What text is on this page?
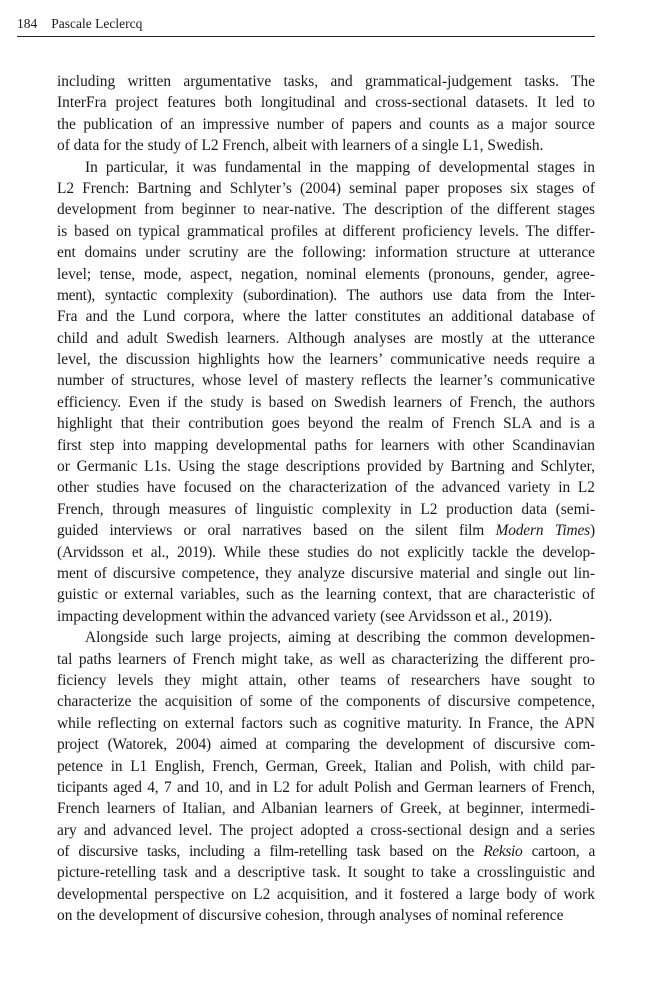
184 Pascale Leclercq
including written argumentative tasks, and grammatical-judgement tasks. The
InterFra project features both longitudinal and cross-sectional datasets. It led to
the publication of an impressive number of papers and counts as a major source
of data for the study of L2 French, albeit with learners of a single L1, Swedish.
In particular, it was fundamental in the mapping of developmental stages in
L2 French: Bartning and Schlyter’s (2004) seminal paper proposes six stages of
development from beginner to near-native. The description of the different stages
is based on typical grammatical profiles at different proficiency levels. The differ-
ent domains under scrutiny are the following: information structure at utterance
level; tense, mode, aspect, negation, nominal elements (pronouns, gender, agree-
ment), syntactic complexity (subordination). The authors use data from the Inter-
Fra and the Lund corpora, where the latter constitutes an additional database of
child and adult Swedish learners. Although analyses are mostly at the utterance
level, the discussion highlights how the learners’ communicative needs require a
number of structures, whose level of mastery reflects the learner’s communicative
efficiency. Even if the study is based on Swedish learners of French, the authors
highlight that their contribution goes beyond the realm of French SLA and is a
first step into mapping developmental paths for learners with other Scandinavian
or Germanic L1s. Using the stage descriptions provided by Bartning and Schlyter,
other studies have focused on the characterization of the advanced variety in L2
French, through measures of linguistic complexity in L2 production data (semi-
guided interviews or oral narratives based on the silent film Modern Times)
(Arvidsson et al., 2019). While these studies do not explicitly tackle the develop-
ment of discursive competence, they analyze discursive material and single out lin-
guistic or external variables, such as the learning context, that are characteristic of
impacting development within the advanced variety (see Arvidsson et al., 2019).
Alongside such large projects, aiming at describing the common developmen-
tal paths learners of French might take, as well as characterizing the different pro-
ficiency levels they might attain, other teams of researchers have sought to
characterize the acquisition of some of the components of discursive competence,
while reflecting on external factors such as cognitive maturity. In France, the APN
project (Watorek, 2004) aimed at comparing the development of discursive com-
petence in L1 English, French, German, Greek, Italian and Polish, with child par-
ticipants aged 4, 7 and 10, and in L2 for adult Polish and German learners of French,
French learners of Italian, and Albanian learners of Greek, at beginner, intermedi-
ary and advanced level. The project adopted a cross-sectional design and a series
of discursive tasks, including a film-retelling task based on the Reksio cartoon, a
picture-retelling task and a descriptive task. It sought to take a crosslinguistic and
developmental perspective on L2 acquisition, and it fostered a large body of work
on the development of discursive cohesion, through analyses of nominal reference
